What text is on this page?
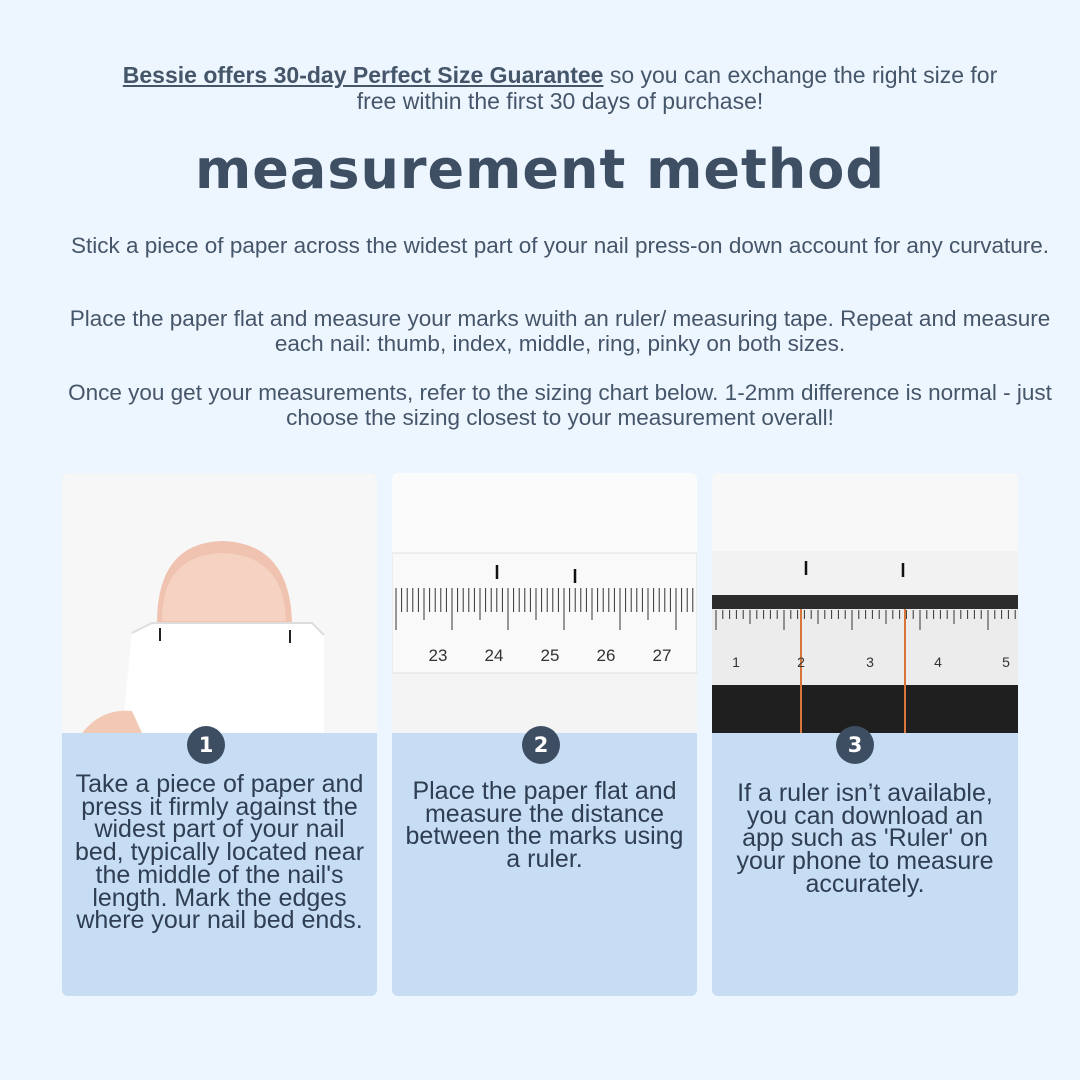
Bessie offers 30-day Perfect Size Guarantee so you can exchange the right size for free within the first 30 days of purchase!
measurement method
Stick a piece of paper across the widest part of your nail press-on down account for any curvature.
Place the paper flat and measure your marks wuith an ruler/ measuring tape. Repeat and measure each nail: thumb, index, middle, ring, pinky on both sizes.
Once you get your measurements, refer to the sizing chart below. 1-2mm difference is normal - just choose the sizing closest to your measurement overall!
1
Take a piece of paper and press it firmly against the widest part of your nail bed, typically located near the middle of the nail's length. Mark the edges where your nail bed ends.
23 24 25 26 27
2
Place the paper flat and measure the distance between the marks using a ruler.
1	2	3	4	5
3
If a ruler isn’t available, you can download an app such as 'Ruler' on your phone to measure accurately.
